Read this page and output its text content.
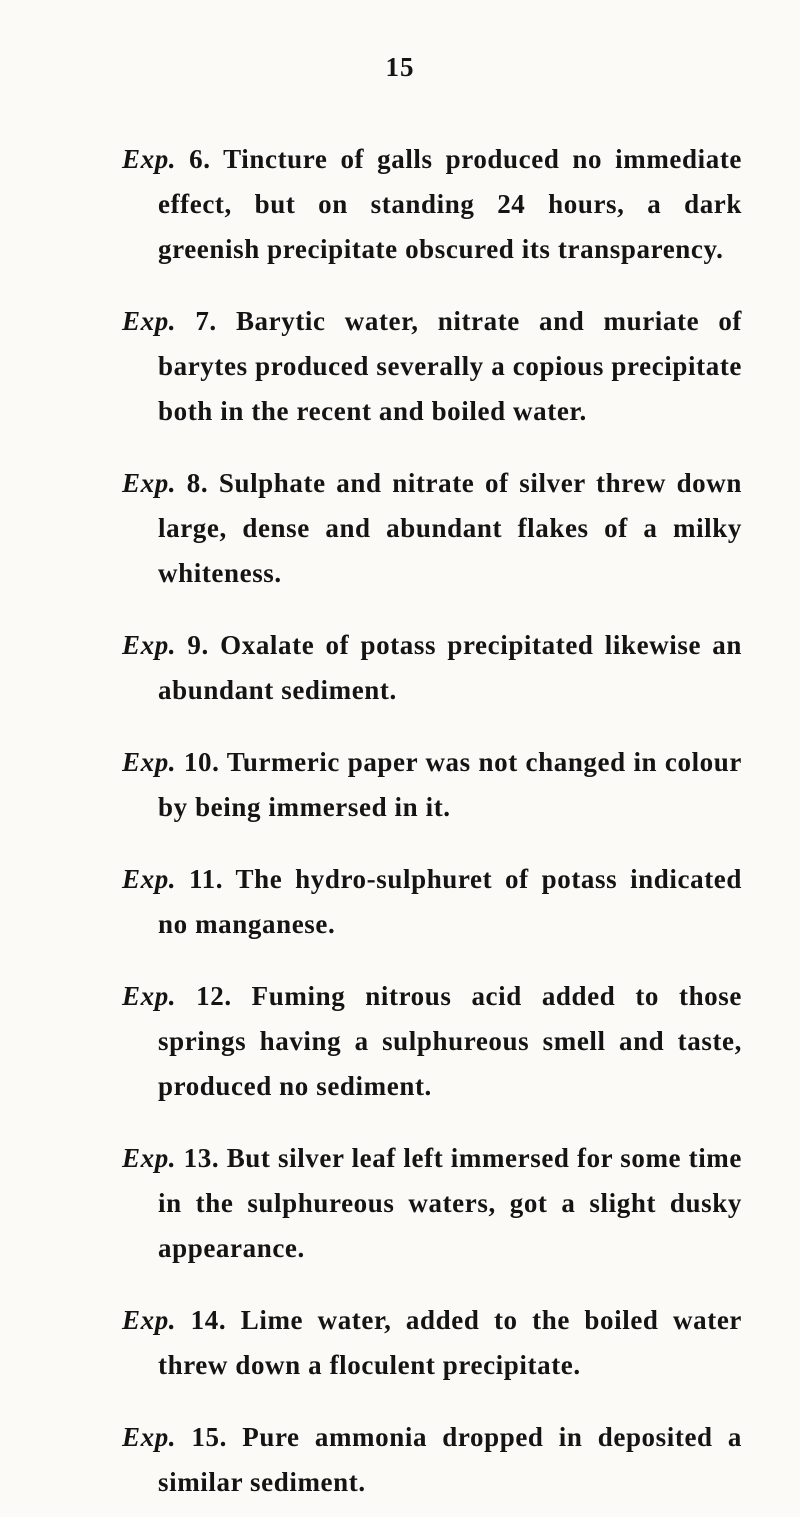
15

Exp. 6. Tincture of galls produced no immediate effect, but on standing 24 hours, a dark greenish precipitate obscured its transparency.

Exp. 7. Barytic water, nitrate and muriate of barytes produced severally a copious precipitate both in the recent and boiled water.

Exp. 8. Sulphate and nitrate of silver threw down large, dense and abundant flakes of a milky whiteness.

Exp. 9. Oxalate of potass precipitated likewise an abundant sediment.

Exp. 10. Turmeric paper was not changed in colour by being immersed in it.

Exp. 11. The hydro-sulphuret of potass indicated no manganese.

Exp. 12. Fuming nitrous acid added to those springs having a sulphureous smell and taste, produced no sediment.

Exp. 13. But silver leaf left immersed for some time in the sulphureous waters, got a slight dusky appearance.

Exp. 14. Lime water, added to the boiled water threw down a floculent precipitate.

Exp. 15. Pure ammonia dropped in deposited a similar sediment.
